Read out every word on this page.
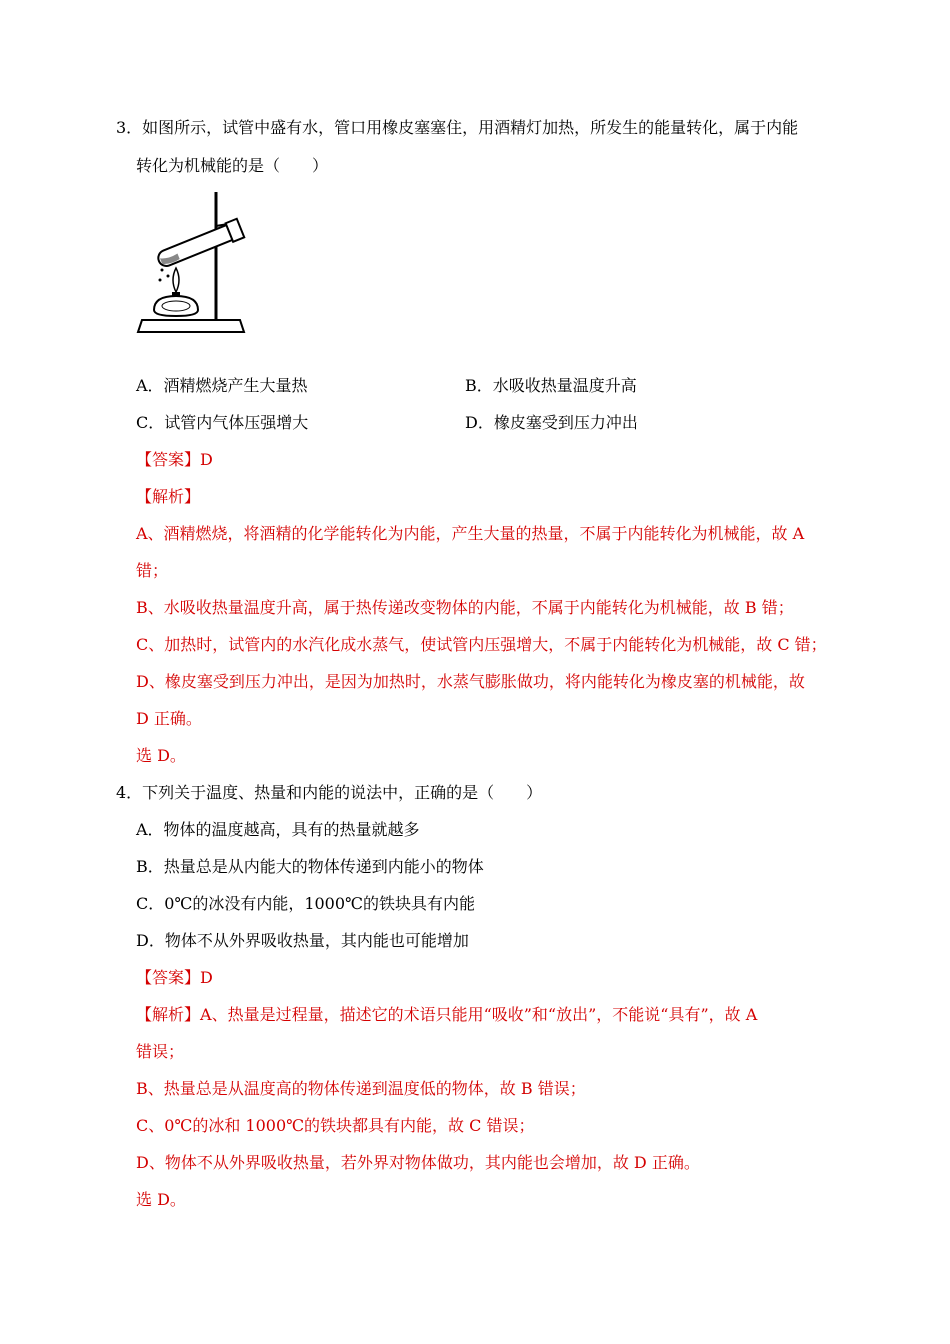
3．如图所示，试管中盛有水，管口用橡皮塞塞住，用酒精灯加热，所发生的能量转化，属于内能
转化为机械能的是（　　）
A．酒精燃烧产生大量热	B．水吸收热量温度升高
C．试管内气体压强增大	D．橡皮塞受到压力冲出
【答案】D
【解析】
A、酒精燃烧，将酒精的化学能转化为内能，产生大量的热量，不属于内能转化为机械能，故 A
错；
B、水吸收热量温度升高，属于热传递改变物体的内能，不属于内能转化为机械能，故 B 错；
C、加热时，试管内的水汽化成水蒸气，使试管内压强增大，不属于内能转化为机械能，故 C 错；
D、橡皮塞受到压力冲出，是因为加热时，水蒸气膨胀做功，将内能转化为橡皮塞的机械能，故
D 正确。
选 D。
4．下列关于温度、热量和内能的说法中，正确的是（　　）
A．物体的温度越高，具有的热量就越多
B．热量总是从内能大的物体传递到内能小的物体
C．0℃的冰没有内能，1000℃的铁块具有内能
D．物体不从外界吸收热量，其内能也可能增加
【答案】D
【解析】A、热量是过程量，描述它的术语只能用“吸收”和“放出”，不能说“具有”，故 A
错误；
B、热量总是从温度高的物体传递到温度低的物体，故 B 错误；
C、0℃的冰和 1000℃的铁块都具有内能，故 C 错误；
D、物体不从外界吸收热量，若外界对物体做功，其内能也会增加，故 D 正确。
选 D。
